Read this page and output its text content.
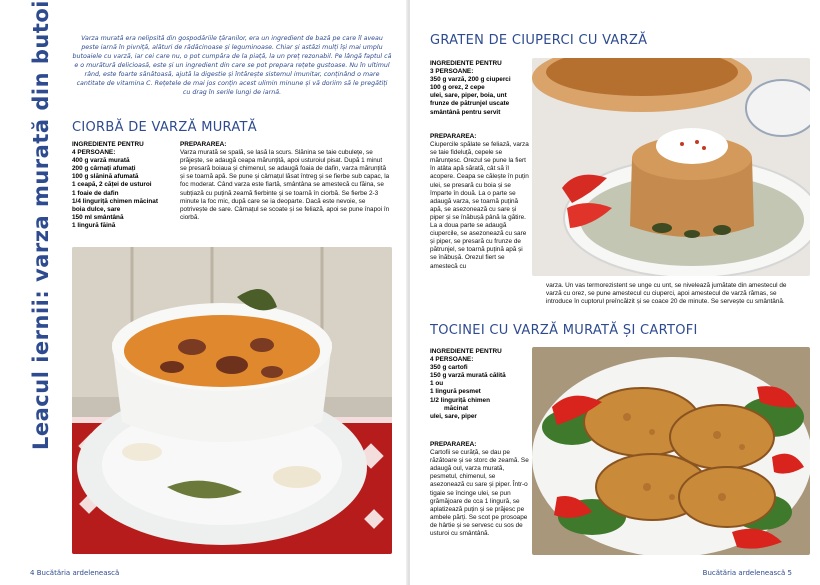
Leacul iernii: varza murată din butoi	Varza murată era nelipsită din gospodăriile țăranilor, era un ingredient de bază pe care îl aveau peste iarnă în pivniță, alături de rădăcinoase și leguminoase. Chiar și astăzi mulți își mai umplu butoaiele cu varză, iar cei care nu, o pot cumpăra de la piață, la un preț rezonabil. Pe lângă faptul că e o murătură delicioasă, este și un ingredient din care se pot prepara rețete gustoase. Nu în ultimul rând, este foarte sănătoasă, ajută la digestie și întărește sistemul imunitar, conținând o mare cantitate de vitamina C. Rețetele de mai jos conțin acest ulimin minune și vă doriim să le pregătiți cu drag în serile lungi de iarnă.
CIORBĂ DE VARZĂ MURATĂ
INGREDIENTE PENTRU
4 PERSOANE:
400 g varză murată
200 g cârnați afumați
100 g slănină afumată
1 ceapă, 2 căței de usturoi
1 foaie de dafin
1/4 linguriță chimen măcinat
boia dulce, sare
150 ml smântână
1 lingură făină
PREPARAREA:
Varza murată se spală, se lasă la scurs. Slănina se taie cubulețe, se prăjește, se adaugă ceapa mărunțită, apoi usturoiul pisat. După 1 minut se presară boiaua și chimenul, se adaugă foaia de dafin, varza mărunțită și se toarnă apă. Se pune și cârnațul lăsat întreg și se fierbe sub capac, la foc moderat. Când varza este fiartă, smântâna se amestecă cu făina, se subțiază cu puțină zeamă fierbinte și se toarnă în ciorbă. Se fierbe 2-3 minute la foc mic, după care se ia deoparte. Dacă este nevoie, se potrivește de sare. Cârnațul se scoate și se feliază, apoi se pune înapoi în ciorbă.
4 Bucătăria ardelenească
GRATEN DE CIUPERCI CU VARZĂ
INGREDIENTE PENTRU
3 PERSOANE:
350 g varză, 200 g ciuperci
100 g orez, 2 cepe
ulei, sare, piper, boia, unt
frunze de pătrunjel uscate
smântână pentru servit
PREPARAREA:
Ciupercile spălate se feliază, varza se taie fideluță, cepele se mărunțesc. Orezul se pune la fiert în atâta apă sărată, cât să îl acopere. Ceapa se călește în puțin ulei, se presară cu boia și se împarte în două. La o parte se adaugă varza, se toarnă puțină apă, se asezonează cu sare și piper și se înăbușă până la gătire. La a doua parte se adaugă ciupercile, se asezonează cu sare și piper, se presară cu frunze de pătrunjel, se toarnă puțină apă și se înăbușă. Orezul fiert se amestecă cu
varza. Un vas termorezistent se unge cu unt, se nivelează jumătate din amestecul de varză cu orez, se pune amestecul cu ciuperci, apoi amestecul de varză rămas, se introduce în cuptorul preîncălzit și se coace 20 de minute. Se servește cu smântână.
TOCINEI CU VARZĂ MURATĂ ȘI CARTOFI
INGREDIENTE PENTRU
4 PERSOANE:
350 g cartofi
150 g varză murată călită
1 ou
1 lingură pesmet
1/2 linguriță chimen
măcinat
ulei, sare, piper
PREPARAREA:
Cartofii se curăță, se dau pe răzătoare și se storc de zeamă. Se adaugă oul, varza murată, pesmetul, chimenul, se asezonează cu sare și piper. Într-o tigaie se încinge ulei, se pun grămăjoare de cca 1 lingură, se aplatizează puțin și se prăjesc pe ambele părți. Se scot pe prosoape de hârtie și se servesc cu sos de usturoi cu smântână.
Bucătăria ardelenească 5
